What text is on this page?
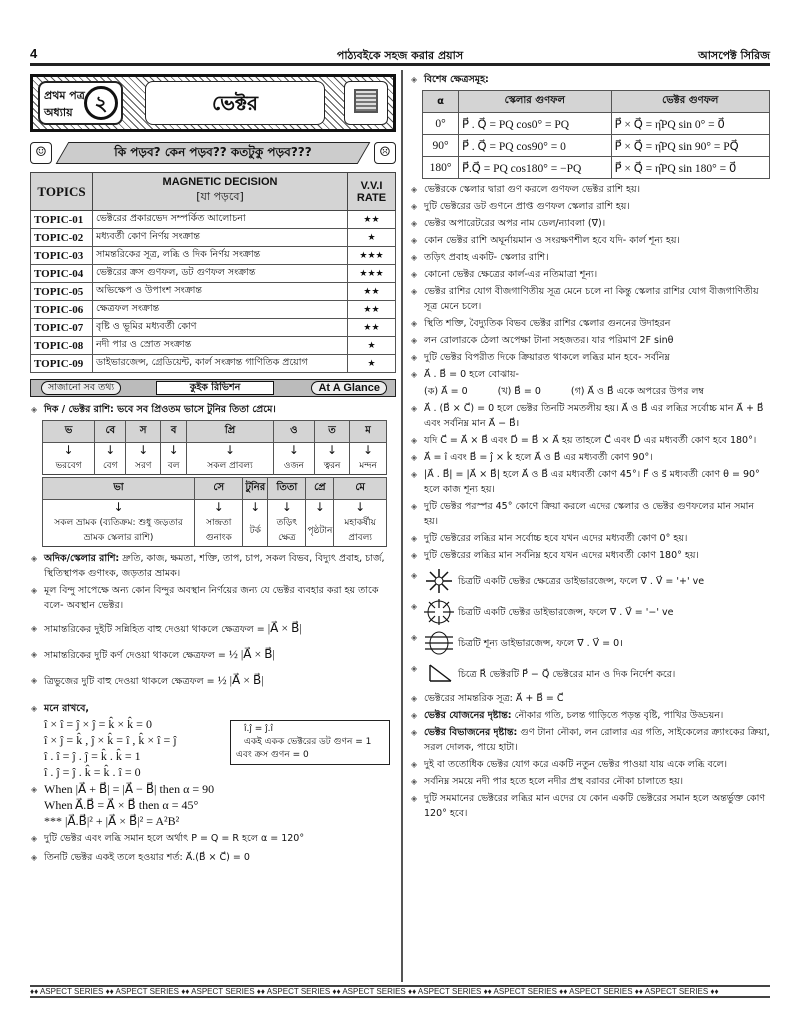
4	পাঠ্যবইকে সহজ করার প্রয়াস	আসপেক্ট সিরিজ
প্রথম পত্র
অধ্যায়	২	ভেক্টর
☺	কি পড়ব? কেন পড়ব?? কতটুকু পড়ব???	☹
TOPICS	MAGNETIC DECISION
[যা পড়বে]	V.V.I RATE
TOPIC-01	ভেক্টরের প্রকারভেদ সম্পর্কিত আলোচনা	★★
TOPIC-02	মধ্যবর্তী কোণ নির্ণয় সংক্রান্ত	★
TOPIC-03	সামন্তরিকের সূত্র, লব্ধি ও দিক নির্ণয় সংক্রান্ত	★★★
TOPIC-04	ভেক্টরের ক্রস গুণফল, ডট গুণফল সংক্রান্ত	★★★
TOPIC-05	অভিক্ষেপ ও উপাংশ সংক্রান্ত	★★
TOPIC-06	ক্ষেত্রফল সংক্রান্ত	★★
TOPIC-07	বৃষ্টি ও ভূমির মধ্যবর্তী কোণ	★★
TOPIC-08	নদী পার ও স্রোত সংক্রান্ত	★
TOPIC-09	ডাইভারজেন্স, গ্রেডিয়েন্ট, কার্ল সংক্রান্ত গাণিতিক প্রয়োগ	★
সাজানো সব তথ্য	কুইক রিভিশন	At A Glance
◈ দিক / ভেক্টর রাশি: ভবে সব প্রিওতম ভাসে টুনির তিতা প্রেমে।
ভ	বে	স	ব	প্রি	ও	ত	ম
↓	↓	↓	↓	↓	↓	↓	↓
ভরবেগ	বেগ	সরণ	বল	সকল প্রাবল্য	ওজন	ত্বরন	মন্দন
ভা	সে	টুনির	তিতা	প্রে	মে
↓	↓	↓	↓	↓	↓
সকল ভ্রামক (ব্যতিক্রম: শুধু জড়তার ভ্রামক স্কেলার রাশি)	সান্দ্রতা গুনাংক	টর্ক	তড়িৎ ক্ষেত্র	পৃষ্ঠটান	মহাকর্ষীয় প্রাবল্য
◈ অদিক/স্কেলার রাশি: দ্রুতি, কাজ, ক্ষমতা, শক্তি, তাপ, চাপ, সকল বিভব, বিদ্যুৎ প্রবাহ, চার্জ, স্থিতিস্থাপক গুণাংক, জড়তার ভ্রামক।
◈ মূল বিন্দু সাপেক্ষে অন্য কোন বিন্দুর অবস্থান নির্ণয়ের জন্য যে ভেক্টর ব্যবহার করা হয় তাকে বলে- অবস্থান ভেক্টর।
◈ সামান্তরিকের দুইটি সন্নিহিত বাহু দেওয়া থাকলে ক্ষেত্রফল = |A⃗ × B⃗|
◈ সামান্তরিকের দুটি কর্ণ দেওয়া থাকলে ক্ষেত্রফল = ½ |A⃗ × B⃗|
◈ ত্রিভুজের দুটি বাহু দেওয়া থাকলে ক্ষেত্রফল = ½ |A⃗ × B⃗|
◈ মনে রাখবে,
î × î = ĵ × ĵ = k̂ × k̂ = 0
î × ĵ = k̂ , ĵ × k̂ = î , k̂ × î = ĵ
î . î = ĵ . ĵ = k̂ . k̂ = 1
î . ĵ = ĵ . k̂ = k̂ . î = 0
î.ĵ = ĵ.î
একই একক ভেক্টরের ডট গুণন = 1
এবং ক্রস গুণন = 0
◈ When |A⃗ + B⃗| = |A⃗ − B⃗| then α = 90
When A⃗.B⃗ = A⃗ × B⃗ then α = 45°
*** |A⃗.B⃗|² + |A⃗ × B⃗|² = A²B²
◈ দুটি ভেক্টর এবং লব্ধি সমান হলে অর্থাৎ P = Q = R হলে α = 120°
◈ তিনটি ভেক্টর একই তলে হওয়ার শর্ত: A⃗.(B⃗ × C⃗) = 0
◈ বিশেষ ক্ষেত্রসমূহ:
α	স্কেলার গুণফল	ভেক্টর গুণফল
0°	P⃗ . Q⃗ = PQ cos0° = PQ	P⃗ × Q⃗ = η̂PQ sin 0° = 0⃗
90°	P⃗ . Q⃗ = PQ cos90° = 0	P⃗ × Q⃗ = η̂PQ sin 90° = PQ⃗
180°	P⃗.Q⃗ = PQ cos180° = −PQ	P⃗ × Q⃗ = η̂PQ sin 180° = 0⃗
◈ ভেক্টরকে স্কেলার দ্বারা গুণ করলে গুণফল ভেক্টর রাশি হয়।
◈ দুটি ভেক্টরের ডট গুণনে প্রাপ্ত গুণফল স্কেলার রাশি হয়।
◈ ভেক্টর অপারেটরের অপর নাম ডেল/ন্যাবলা (∇⃗)।
◈ কোন ভেক্টর রাশি অঘূর্নায়মান ও সংরক্ষণশীল হবে যদি- কার্ল শূন্য হয়।
◈ তড়িৎ প্রবাহ একটি- স্কেলার রাশি।
◈ কোনো ভেক্টর ক্ষেত্রের কার্ল-এর নতিমাত্রা শূন্য।
◈ ভেক্টর রাশির যোগ বীজগাণিতীয় সূত্র মেনে চলে না কিন্তু স্কেলার রাশির যোগ বীজগাণিতীয় সূত্র মেনে চলে।
◈ স্থিতি শক্তি, বৈদ্যুতিক বিভব ভেক্টর রাশির স্কেলার গুননের উদাহরন
◈ লন রোলারকে ঠেলা অপেক্ষা টানা সহজতর। যার পরিমাণ 2F sinθ
◈ দুটি ভেক্টর বিপরীত দিকে ক্রিয়ারত থাকলে লব্ধির মান হবে- সর্বনিম্ন
◈ A⃗ . B⃗ = 0 হলে বোঝায়-
(ক) A⃗ = 0	(খ) B⃗ = 0	(গ) A⃗ ও B⃗ একে অপরের উপর লম্ব
◈ A⃗ . (B⃗ × C⃗) = 0 হলে ভেক্টর তিনটি সমতলীয় হয়। A⃗ ও B⃗ এর লব্ধির সর্বোচ্চ মান A⃗ + B⃗ এবং সর্বনিম্ন মান A⃗ − B⃗।
◈ যদি C⃗ = A⃗ × B⃗ এবং D⃗ = B⃗ × A⃗ হয় তাহলে C⃗ এবং D⃗ এর মধ্যবর্তী কোণ হবে 180°।
◈ A⃗ = î এবং B⃗ = ĵ × k̂ হলে A⃗ ও B⃗ এর মধ্যবর্তী কোণ 90°।
◈ |A⃗ . B⃗| = |A⃗ × B⃗| হলে A⃗ ও B⃗ এর মধ্যবর্তী কোণ 45°। F⃗ ও s⃗ মধ্যবর্তী কোণ θ = 90° হলে কাজ শূন্য হয়।
◈ দুটি ভেক্টর পরস্পর 45° কোণে ক্রিয়া করলে এদের স্কেলার ও ভেক্টর গুণফলের মান সমান হয়।
◈ দুটি ভেক্টরের লব্ধির মান সর্বোচ্চ হবে যখন এদের মধ্যবর্তী কোণ 0° হয়।
◈ দুটি ভেক্টরের লব্ধির মান সর্বনিম্ন হবে যখন এদের মধ্যবর্তী কোণ 180° হয়।
◈ চিত্রটি একটি ভেক্টর ক্ষেত্রের ডাইভারজেন্স, ফলে ∇⃗ . V⃗ = '+' ve
◈ চিত্রটি একটি ভেক্টর ডাইভারজেন্স, ফলে ∇⃗ . V⃗ = '−' ve
◈ চিত্রটি শূন্য ডাইভারজেন্স, ফলে ∇⃗ . V⃗ = 0।
◈ চিত্রে R⃗ ভেক্টরটি P⃗ − Q⃗ ভেক্টরের মান ও দিক নির্দেশ করে।
◈ ভেক্টরের সামন্তরিক সূত্র: A⃗ + B⃗ = C⃗
◈ ভেক্টর যোজনের দৃষ্টান্ত: নৌকার গতি, চলন্ত গাড়িতে পড়ন্ত বৃষ্টি, পাখির উড্ডয়ন।
◈ ভেক্টর বিভাজনের দৃষ্টান্ত: গুণ টানা নৌকা, লন রোলার এর গতি, সাইকেলের ক্র্যাংকের ক্রিয়া, সরল দোলক, পায়ে হাটা।
◈ দুই বা ততোধিক ভেক্টর যোগ করে একটি নতুন ভেক্টর পাওয়া যায় একে লব্ধি বলে।
◈ সর্বনিম্ন সময়ে নদী পার হতে হলে নদীর প্রস্থ বরাবর নৌকা চালাতে হয়।
◈ দুটি সমমানের ভেক্টরের লব্ধির মান এদের যে কোন একটি ভেক্টরের সমান হলে অন্তর্ভুক্ত কোণ 120° হবে।
♦♦ ASPECT SERIES ♦♦ ASPECT SERIES ♦♦ ASPECT SERIES ♦♦ ASPECT SERIES ♦♦ ASPECT SERIES ♦♦ ASPECT SERIES ♦♦ ASPECT SERIES ♦♦ ASPECT SERIES ♦♦ ASPECT SERIES ♦♦
